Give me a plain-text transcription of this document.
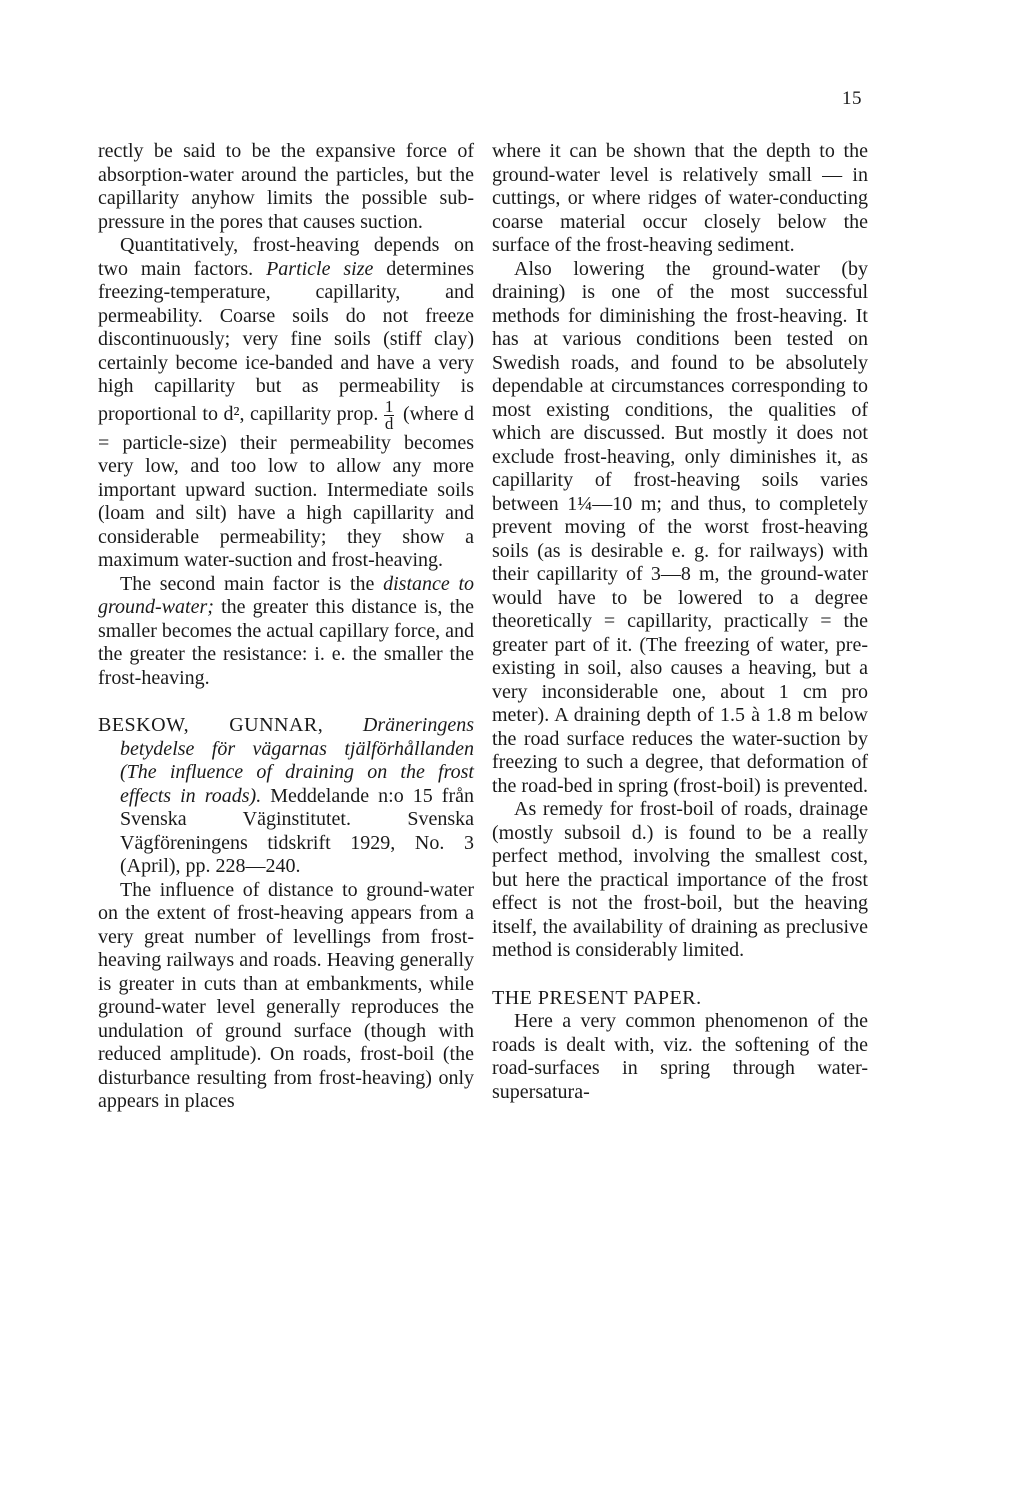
15

rectly be said to be the expansive force of absorption-water around the particles, but the capillarity anyhow limits the possible sub-pressure in the pores that causes suction.

Quantitatively, frost-heaving depends on two main factors. Particle size determines freezing-temperature, capillarity, and permeability. Coarse soils do not freeze discontinuously; very fine soils (stiff clay) certainly become ice-banded and have a very high capillarity but as permeability is proportional to d², capillarity prop. $\frac{1}{d}$ (where d = particle-size) their permeability becomes very low, and too low to allow any more important upward suction. Intermediate soils (loam and silt) have a high capillarity and considerable permeability; they show a maximum water-suction and frost-heaving.

The second main factor is the distance to ground-water; the greater this distance is, the smaller becomes the actual capillary force, and the greater the resistance: i. e. the smaller the frost-heaving.

BESKOW, GUNNAR, Dräneringens betydelse för vägarnas tjälförhållanden (The influence of draining on the frost effects in roads). Meddelande n:o 15 från Svenska Väginstitutet. Svenska Vägföreningens tidskrift 1929, No. 3 (April), pp. 228—240.

The influence of distance to ground-water on the extent of frost-heaving appears from a very great number of levellings from frost-heaving railways and roads. Heaving generally is greater in cuts than at embankments, while ground-water level generally reproduces the undulation of ground surface (though with reduced amplitude). On roads, frost-boil (the disturbance resulting from frost-heaving) only appears in places

where it can be shown that the depth to the ground-water level is relatively small — in cuttings, or where ridges of water-conducting coarse material occur closely below the surface of the frost-heaving sediment.

Also lowering the ground-water (by draining) is one of the most successful methods for diminishing the frost-heaving. It has at various conditions been tested on Swedish roads, and found to be absolutely dependable at circumstances corresponding to most existing conditions, the qualities of which are discussed. But mostly it does not exclude frost-heaving, only diminishes it, as capillarity of frost-heaving soils varies between 1¼—10 m; and thus, to completely prevent moving of the worst frost-heaving soils (as is desirable e. g. for railways) with their capillarity of 3—8 m, the ground-water would have to be lowered to a degree theoretically = capillarity, practically = the greater part of it. (The freezing of water, pre-existing in soil, also causes a heaving, but a very inconsiderable one, about 1 cm pro meter). A draining depth of 1.5 à 1.8 m below the road surface reduces the water-suction by freezing to such a degree, that deformation of the road-bed in spring (frost-boil) is prevented.

As remedy for frost-boil of roads, drainage (mostly subsoil d.) is found to be a really perfect method, involving the smallest cost, but here the practical importance of the frost effect is not the frost-boil, but the heaving itself, the availability of draining as preclusive method is considerably limited.

THE PRESENT PAPER.

Here a very common phenomenon of the roads is dealt with, viz. the softening of the road-surfaces in spring through water-supersatura-
